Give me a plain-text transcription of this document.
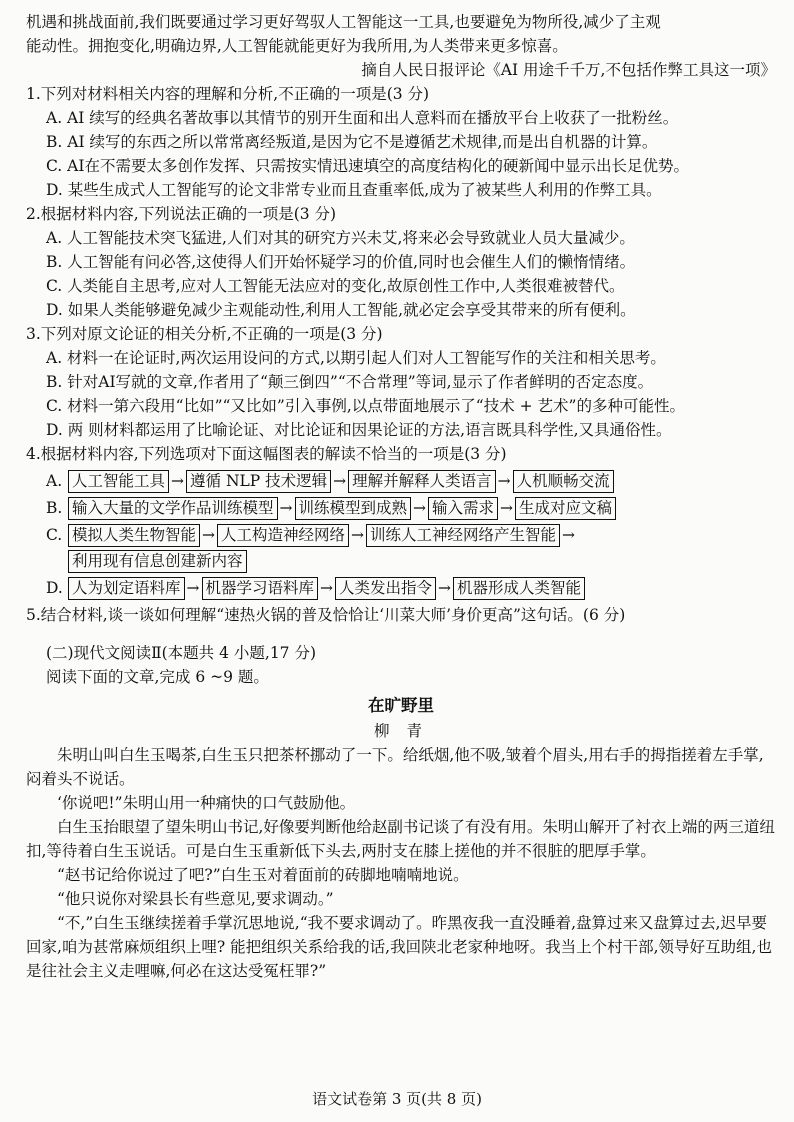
机遇和挑战面前,我们既要通过学习更好驾驭人工智能这一工具,也要避免为物所役,减少了主观

能动性。拥抱变化,明确边界,人工智能就能更好为我所用,为人类带来更多惊喜。

摘自人民日报评论《AI 用途千千万,不包括作弊工具这一项》

1.下列对材料相关内容的理解和分析,不正确的一项是(3 分)

A. AI 续写的经典名著故事以其情节的别开生面和出人意料而在播放平台上收获了一批粉丝。

B. AI 续写的东西之所以常常离经叛道,是因为它不是遵循艺术规律,而是出自机器的计算。

C. AI在不需要太多创作发挥、只需按实情迅速填空的高度结构化的硬新闻中显示出长足优势。

D. 某些生成式人工智能写的论文非常专业而且查重率低,成为了被某些人利用的作弊工具。

2.根据材料内容,下列说法正确的一项是(3 分)

A. 人工智能技术突飞猛进,人们对其的研究方兴未艾,将来必会导致就业人员大量减少。

B. 人工智能有问必答,这使得人们开始怀疑学习的价值,同时也会催生人们的懒惰情绪。

C. 人类能自主思考,应对人工智能无法应对的变化,故原创性工作中,人类很难被替代。

D. 如果人类能够避免减少主观能动性,利用人工智能,就必定会享受其带来的所有便利。

3.下列对原文论证的相关分析,不正确的一项是(3 分)

A. 材料一在论证时,两次运用设问的方式,以期引起人们对人工智能写作的关注和相关思考。

B. 针对AI写就的文章,作者用了“颠三倒四”“不合常理”等词,显示了作者鲜明的否定态度。

C. 材料一第六段用“比如”“又比如”引入事例,以点带面地展示了“技术 + 艺术”的多种可能性。

D. 两 则材料都运用了比喻论证、对比论证和因果论证的方法,语言既具科学性,又具通俗性。

4.根据材料内容,下列选项对下面这幅图表的解读不恰当的一项是(3 分)

A. 人工智能工具 → 遵循 NLP 技术逻辑 → 理解并解释人类语言 → 人机顺畅交流
B. 输入大量的文学作品训练模型 → 训练模型到成熟 → 输入需求 → 生成对应文稿
C. 模拟人类生物智能 → 人工构造神经网络 → 训练人工神经网络产生智能 →
利用现有信息创建新内容
D. 人为划定语料库 → 机器学习语料库 → 人类发出指令 → 机器形成人类智能

5.结合材料,谈一谈如何理解“速热火锅的普及恰恰让‘川菜大师’身价更高”这句话。(6 分)

(二)现代文阅读Ⅱ(本题共 4 小题,17 分)

阅读下面的文章,完成 6 ~9 题。

在旷野里

柳 青

朱明山叫白生玉喝茶,白生玉只把茶杯挪动了一下。给纸烟,他不吸,皱着个眉头,用右手的拇指搓着左手掌,闷着头不说话。

‘你说吧!”朱明山用一种痛快的口气鼓励他。

白生玉抬眼望了望朱明山书记,好像要判断他给赵副书记谈了有没有用。朱明山解开了衬衣上端的两三道纽扣,等待着白生玉说话。可是白生玉重新低下头去,两肘支在膝上搓他的并不很脏的肥厚手掌。

“赵书记给你说过了吧?”白生玉对着面前的砖脚地喃喃地说。

“他只说你对梁县长有些意见,要求调动。”

“不,”白生玉继续搓着手掌沉思地说,“我不要求调动了。昨黑夜我一直没睡着,盘算过来又盘算过去,迟早要回家,咱为甚常麻烦组织上哩? 能把组织关系给我的话,我回陕北老家种地呀。我当上个村干部,领导好互助组,也是往社会主义走哩嘛,何必在这达受冤枉罪?”

语文试卷第 3 页(共 8 页)
